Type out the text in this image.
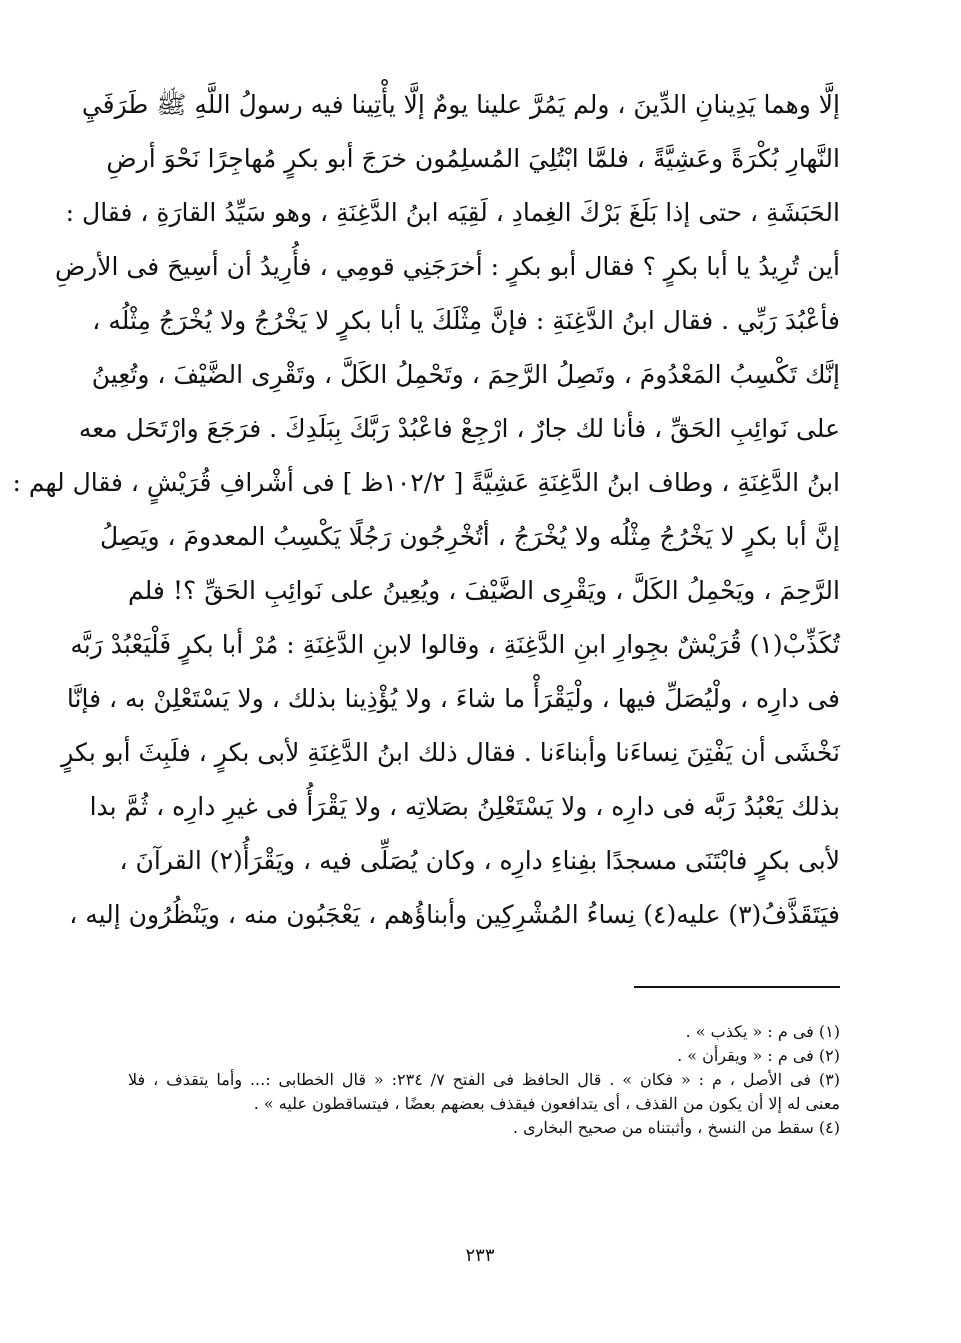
إلَّا وهما يَدِينانِ الدِّينَ ، ولم يَمُرَّ علينا يومٌ إلَّا يأْتِينا فيه رسولُ اللَّهِ ﷺ طَرَفَيِ
النَّهارِ بُكْرَةً وعَشِيَّةً ، فلمَّا ابْتُلِيَ المُسلِمُون خرَجَ أبو بكرٍ مُهاجِرًا نَحْوَ أرضِ
الحَبَشَةِ ، حتى إذا بَلَغَ بَرْكَ الغِمادِ ، لَقِيَه ابنُ الدَّغِنَةِ ، وهو سَيِّدُ القارَةِ ، فقال :
أين تُرِيدُ يا أبا بكرٍ ؟ فقال أبو بكرٍ : أخرَجَنِي قومِي ، فأُرِيدُ أن أسِيحَ فى الأرضِ
فأعْبُدَ رَبِّي . فقال ابنُ الدَّغِنَةِ : فإنَّ مِثْلَكَ يا أبا بكرٍ لا يَخْرُجُ ولا يُخْرَجُ مِثْلُه ،
إنَّك تَكْسِبُ المَعْدُومَ ، وتَصِلُ الرَّحِمَ ، وتَحْمِلُ الكَلَّ ، وتَقْرِى الضَّيْفَ ، وتُعِينُ
على نَوائِبِ الحَقِّ ، فأنا لك جارٌ ، ارْجِعْ فاعْبُدْ رَبَّكَ بِبَلَدِكَ . فرَجَعَ وارْتَحَل معه
ابنُ الدَّغِنَةِ ، وطاف ابنُ الدَّغِنَةِ عَشِيَّةً [ ١٠٢/٢ظ ] فى أشْرافِ قُرَيْشٍ ، فقال لهم :
إنَّ أبا بكرٍ لا يَخْرُجُ مِثْلُه ولا يُخْرَجُ ، أتُخْرِجُون رَجُلًا يَكْسِبُ المعدومَ ، ويَصِلُ
الرَّحِمَ ، ويَحْمِلُ الكَلَّ ، ويَقْرِى الضَّيْفَ ، ويُعِينُ على نَوائِبِ الحَقِّ ؟! فلم
تُكَذِّبْ(١) قُرَيْشٌ بجِوارِ ابنِ الدَّغِنَةِ ، وقالوا لابنِ الدَّغِنَةِ : مُرْ أبا بكرٍ فَلْيَعْبُدْ رَبَّه
فى دارِه ، ولْيُصَلِّ فيها ، ولْيَقْرَأْ ما شاءَ ، ولا يُؤْذِينا بذلك ، ولا يَسْتَعْلِنْ به ، فإنَّا
نَخْشَى أن يَفْتِنَ نِساءَنا وأبناءَنا . فقال ذلك ابنُ الدَّغِنَةِ لأبى بكرٍ ، فلَبِثَ أبو بكرٍ
بذلك يَعْبُدُ رَبَّه فى دارِه ، ولا يَسْتَعْلِنُ بصَلاتِه ، ولا يَقْرَأُ فى غيرِ دارِه ، ثُمَّ بدا
لأبى بكرٍ فابْتَنَى مسجدًا بفِناءِ دارِه ، وكان يُصَلِّى فيه ، ويَقْرَأُ(٢) القرآنَ ،
فيَتَقَذَّفُ(٣) عليه(٤) نِساءُ المُشْرِكِين وأبناؤُهم ، يَعْجَبُون منه ، ويَنْظُرُون إليه ،
(١) فى م : « يكذب » .
(٢) فى م : « ويقرأن » .
(٣) فى الأصل ، م : « فكان » . قال الحافظ فى الفتح ٧/ ٢٣٤: « قال الخطابى :... وأما يتقذف ، فلا
معنى له إلا أن يكون من القذف ، أى يتدافعون فيقذف بعضهم بعضًا ، فيتساقطون عليه » .
(٤) سقط من النسخ ، وأثبتناه من صحيح البخارى .
٢٣٣
